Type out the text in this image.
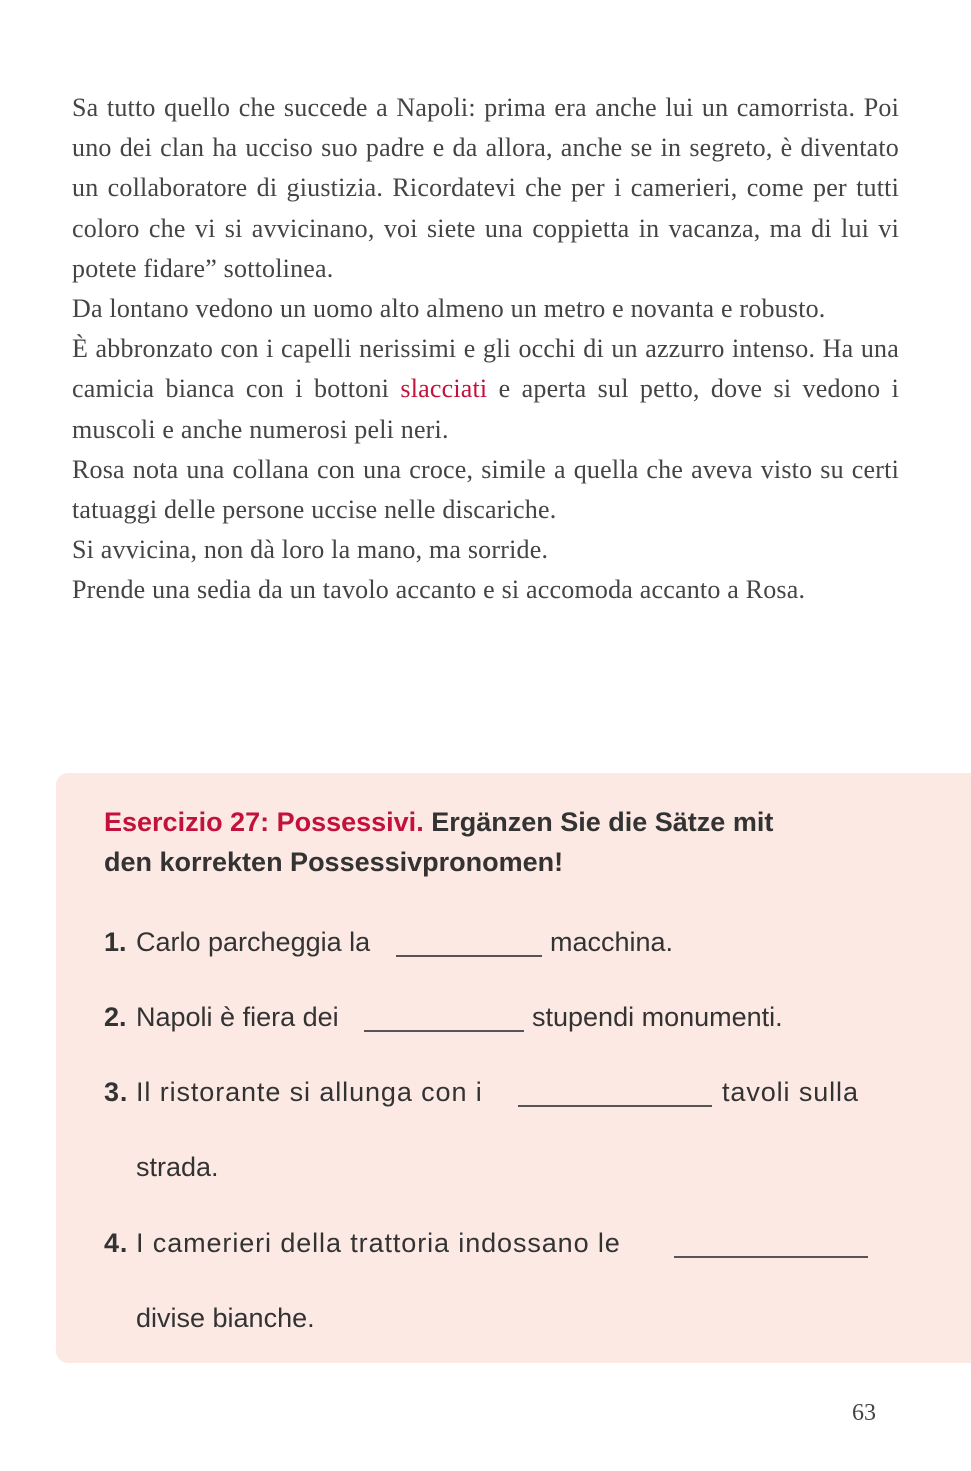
Sa tutto quello che succede a Napoli: prima era anche lui un camorrista. Poi uno dei clan ha ucciso suo padre e da allora, anche se in segreto, è diventato un collaboratore di giustizia. Ricordatevi che per i camerieri, come per tutti coloro che vi si avvicinano, voi siete una coppietta in vacanza, ma di lui vi potete fidare” sottolinea.

Da lontano vedono un uomo alto almeno un metro e novanta e robusto.

È abbronzato con i capelli nerissimi e gli occhi di un azzurro intenso. Ha una camicia bianca con i bottoni slacciati e aperta sul petto, dove si vedono i muscoli e anche numerosi peli neri.

Rosa nota una collana con una croce, simile a quella che aveva visto su certi tatuaggi delle persone uccise nelle discariche.

Si avvicina, non dà loro la mano, ma sorride.

Prende una sedia da un tavolo accanto e si accomoda accanto a Rosa.

Esercizio 27: Possessivi. Ergänzen Sie die Sätze mit
den korrekten Possessivpronomen!
1. Carlo parcheggia la	macchina.
2. Napoli è fiera dei	stupendi monumenti.
3. Il ristorante si allunga con i	tavoli sulla
strada.
4. I camerieri della trattoria indossano le
divise bianche.
63
